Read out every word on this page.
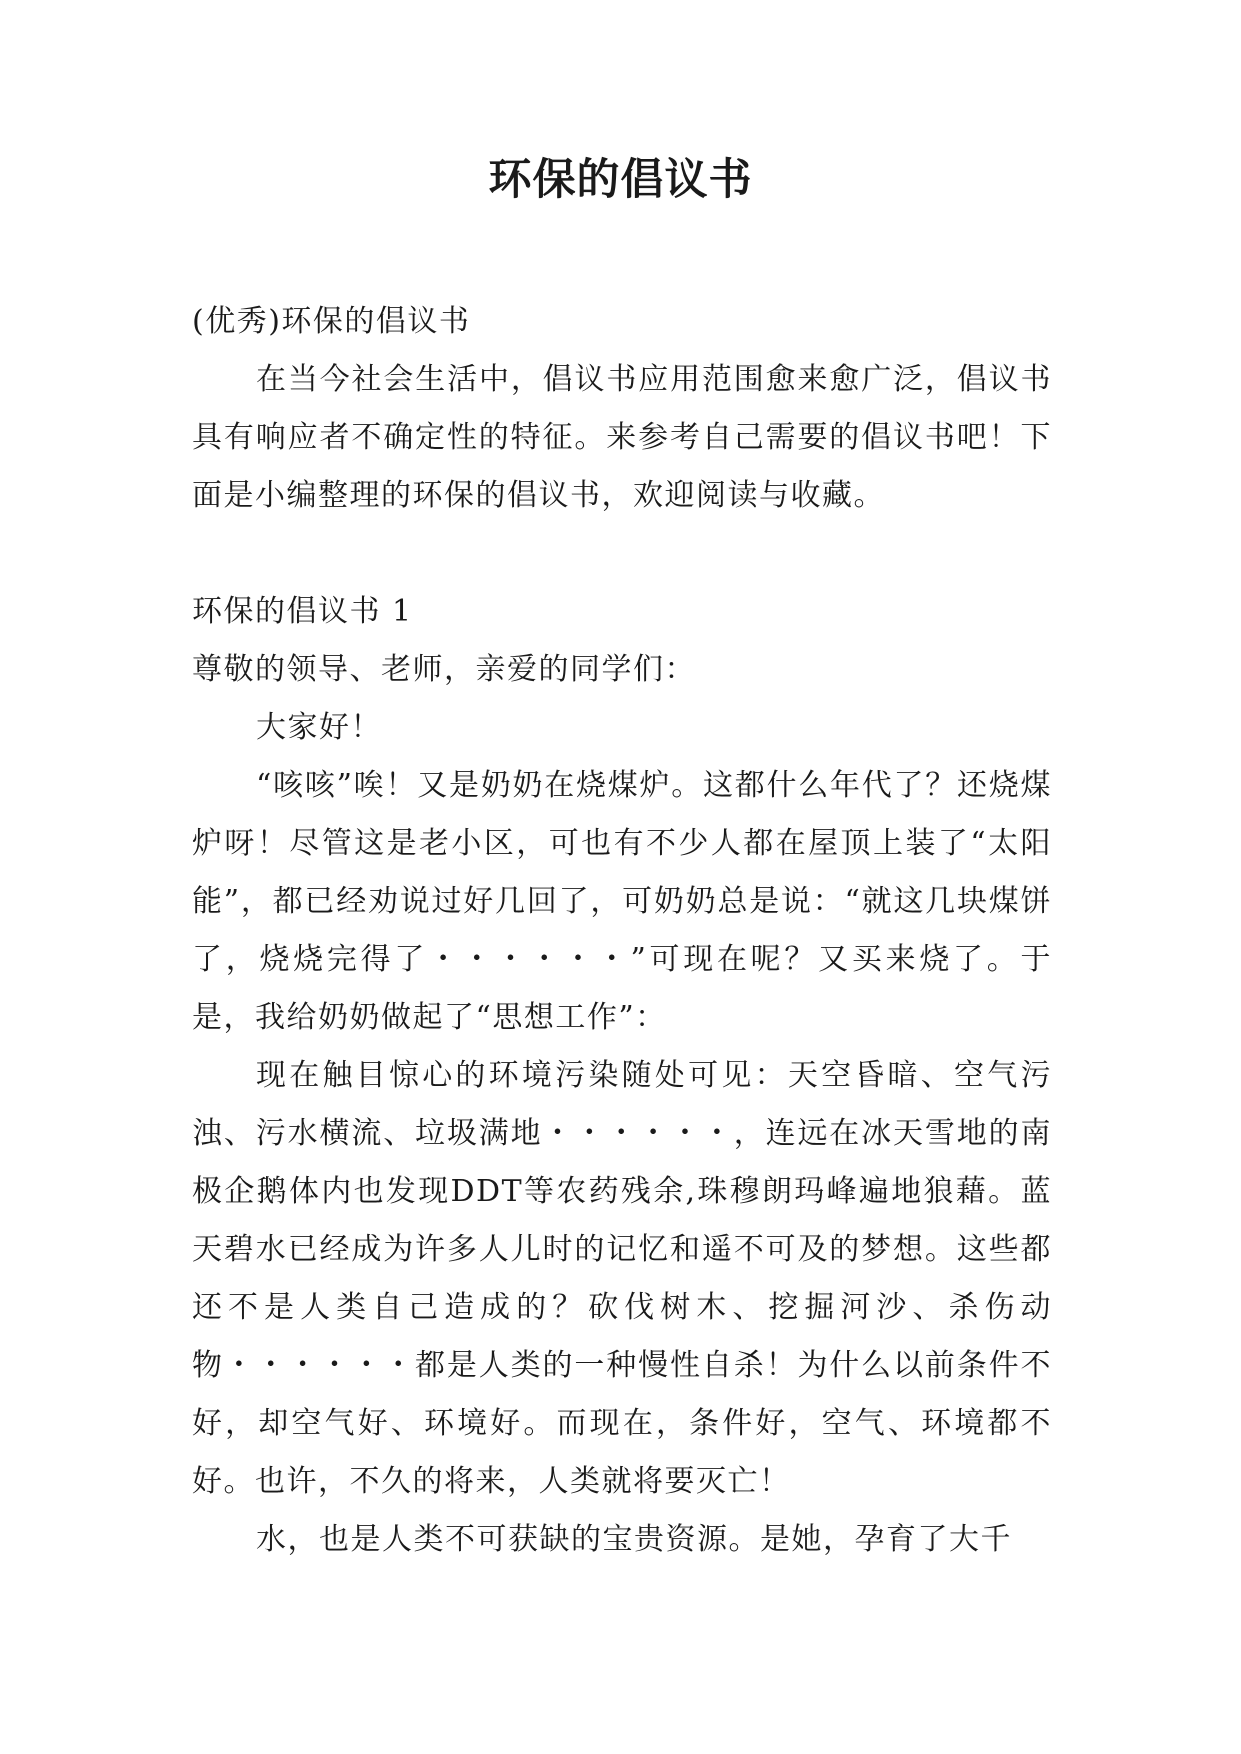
环保的倡议书

(优秀)环保的倡议书

在当今社会生活中，倡议书应用范围愈来愈广泛，倡议书具有响应者不确定性的特征。来参考自己需要的倡议书吧！下面是小编整理的环保的倡议书，欢迎阅读与收藏。

环保的倡议书 1

尊敬的领导、老师，亲爱的同学们：

大家好！

“咳咳”唉！又是奶奶在烧煤炉。这都什么年代了？还烧煤炉呀！尽管这是老小区，可也有不少人都在屋顶上装了“太阳能”，都已经劝说过好几回了，可奶奶总是说：“就这几块煤饼了，烧烧完得了・・・・・・”可现在呢？又买来烧了。于是，我给奶奶做起了“思想工作”：

现在触目惊心的环境污染随处可见：天空昏暗、空气污浊、污水横流、垃圾满地・・・・・・，连远在冰天雪地的南极企鹅体内也发现DDT等农药残余,珠穆朗玛峰遍地狼藉。蓝天碧水已经成为许多人儿时的记忆和遥不可及的梦想。这些都还不是人类自己造成的？砍伐树木、挖掘河沙、杀伤动物・・・・・・都是人类的一种慢性自杀！为什么以前条件不好，却空气好、环境好。而现在，条件好，空气、环境都不好。也许，不久的将来，人类就将要灭亡！

水，也是人类不可获缺的宝贵资源。是她，孕育了大千
